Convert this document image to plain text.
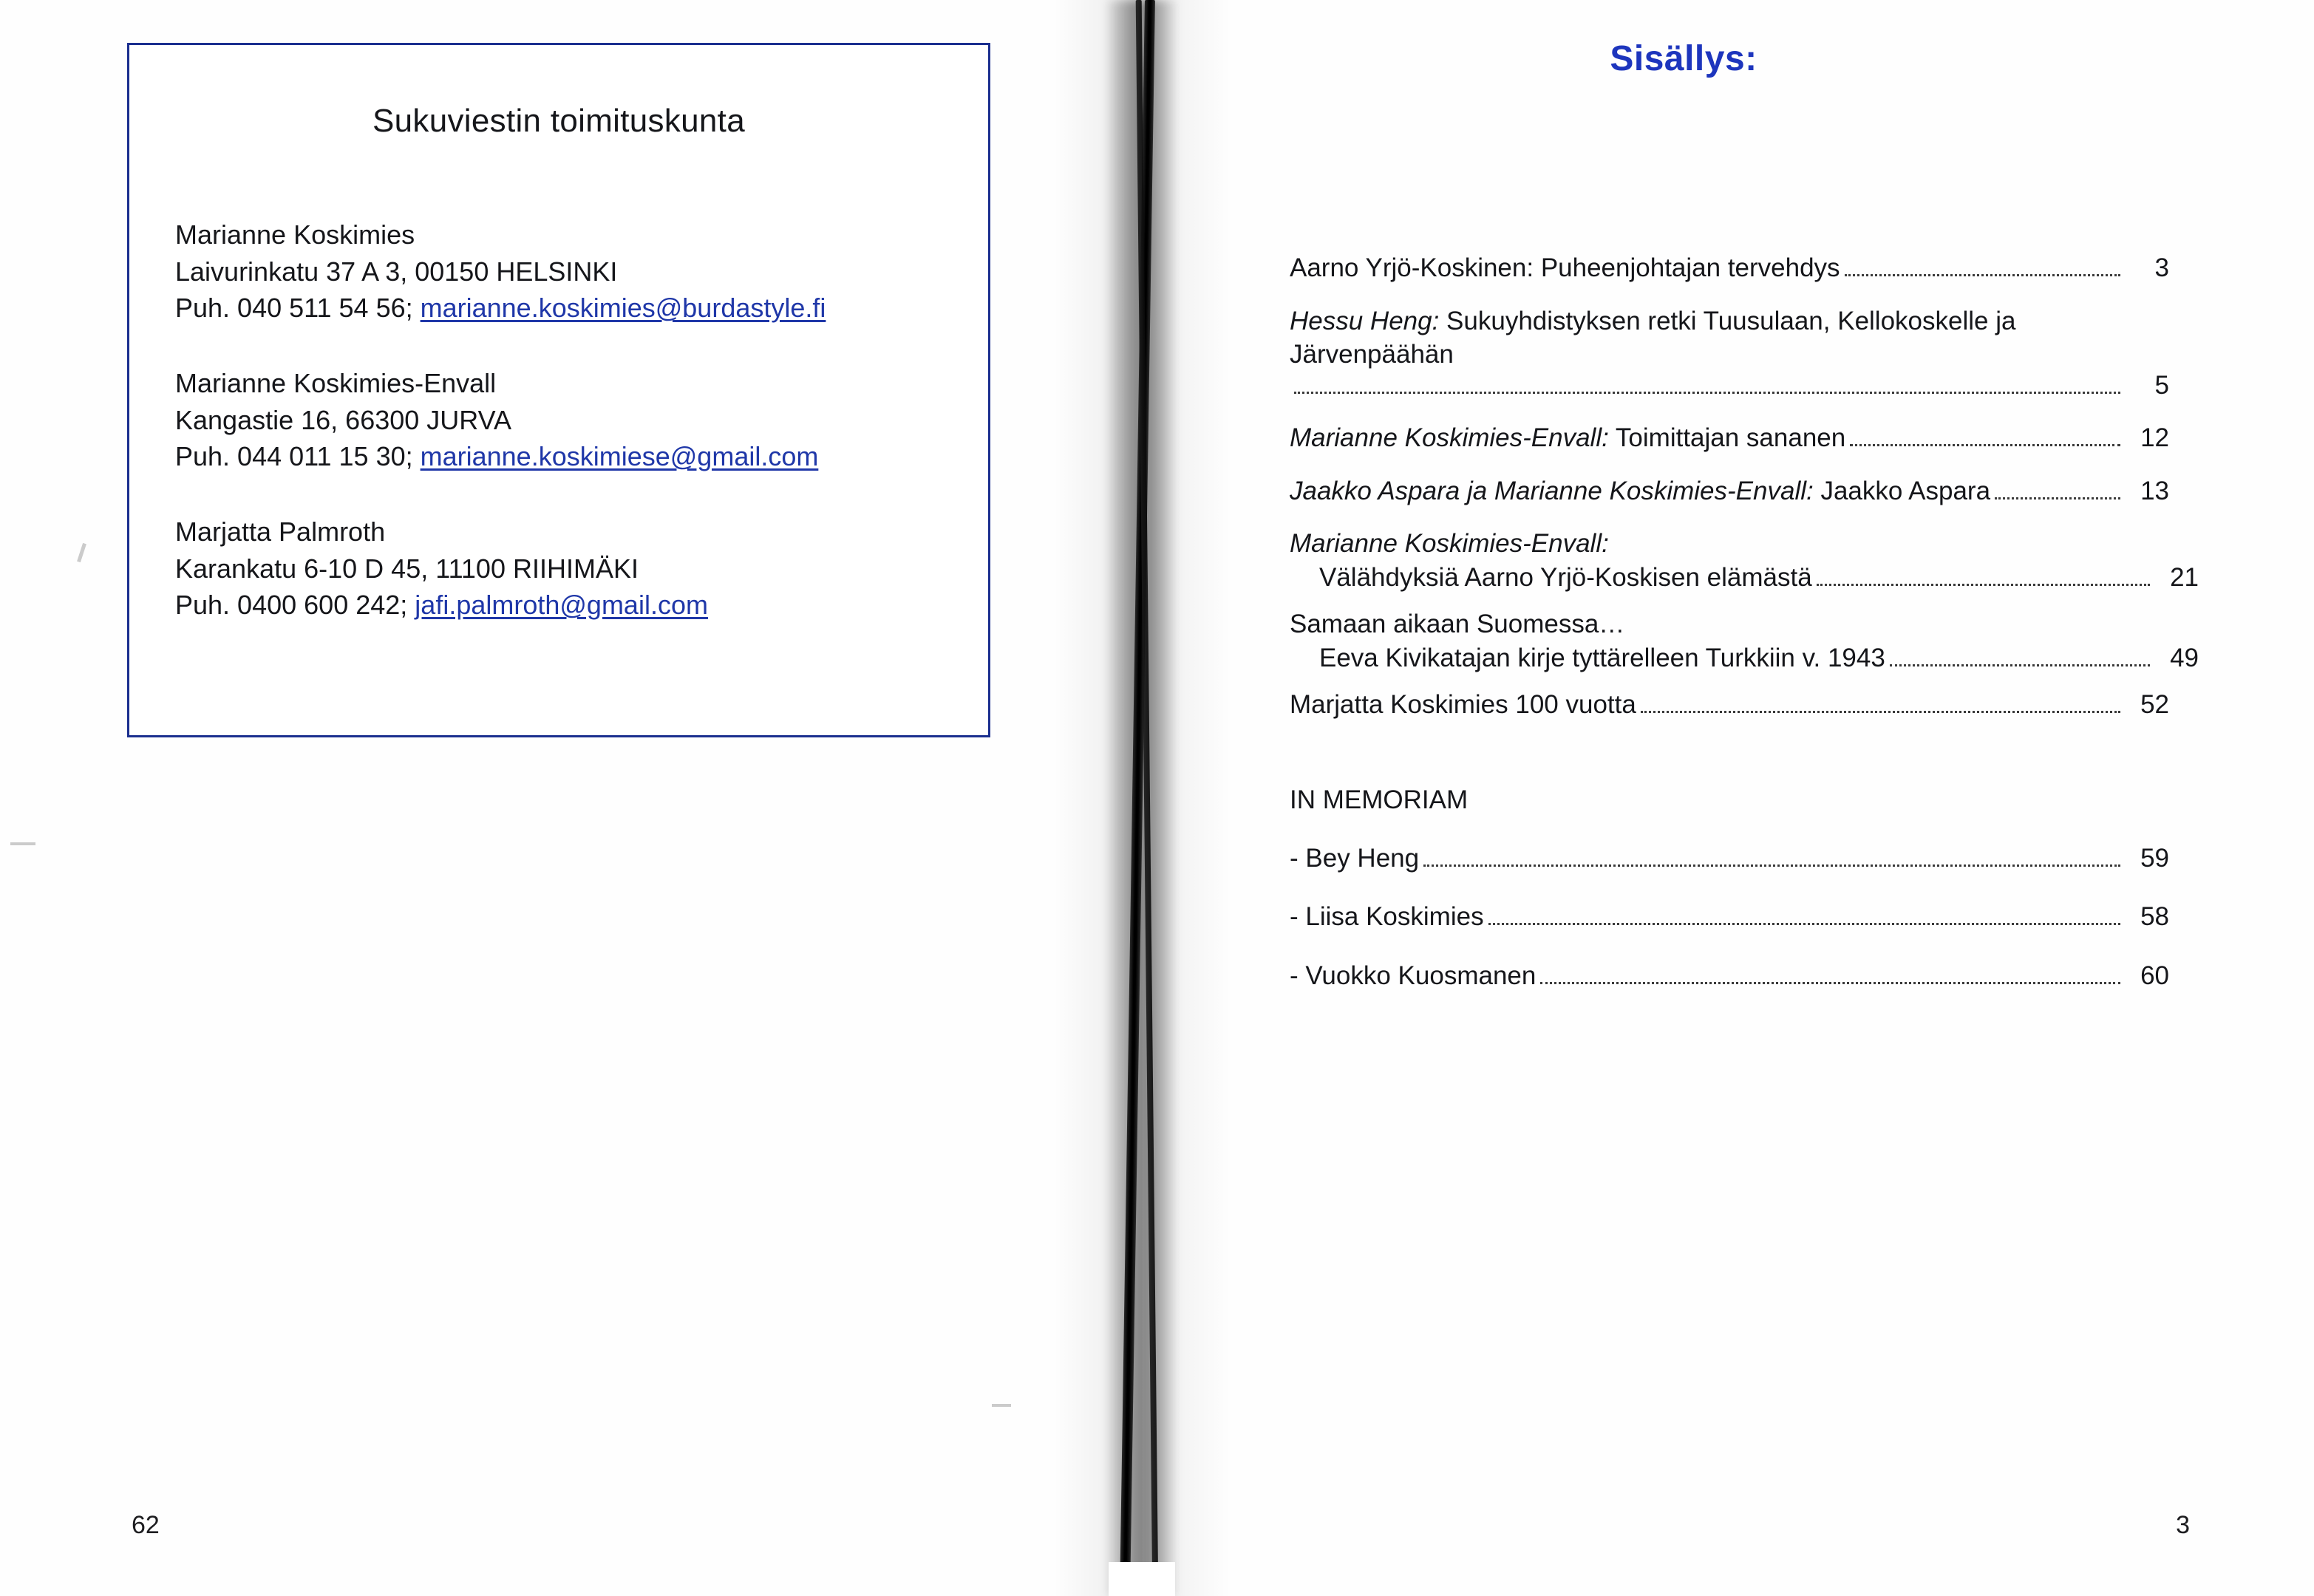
Sukuviestin toimituskunta
Marianne Koskimies
Laivurinkatu 37 A 3, 00150 HELSINKI
Puh. 040 511 54 56; marianne.koskimies@burdastyle.fi
Marianne Koskimies-Envall
Kangastie 16, 66300 JURVA
Puh. 044 011 15 30; marianne.koskimiese@gmail.com
Marjatta Palmroth
Karankatu 6-10 D 45, 11100 RIIHIMÄKI
Puh. 0400 600 242; jafi.palmroth@gmail.com
62
Sisällys:
Aarno Yrjö-Koskinen: Puheenjohtajan tervehdys	3
Hessu Heng: Sukuyhdistyksen retki Tuusulaan, Kellokoskelle ja Järvenpäähän
5
Marianne Koskimies-Envall: Toimittajan sananen	12
Jaakko Aspara ja Marianne Koskimies-Envall: Jaakko Aspara	13
Marianne Koskimies-Envall:
Välähdyksiä Aarno Yrjö-Koskisen elämästä	21
Samaan aikaan Suomessa…
Eeva Kivikatajan kirje tyttärelleen Turkkiin v. 1943	49
Marjatta Koskimies 100 vuotta	52
IN MEMORIAM
- Bey Heng	59
- Liisa Koskimies	58
- Vuokko Kuosmanen	60
3
